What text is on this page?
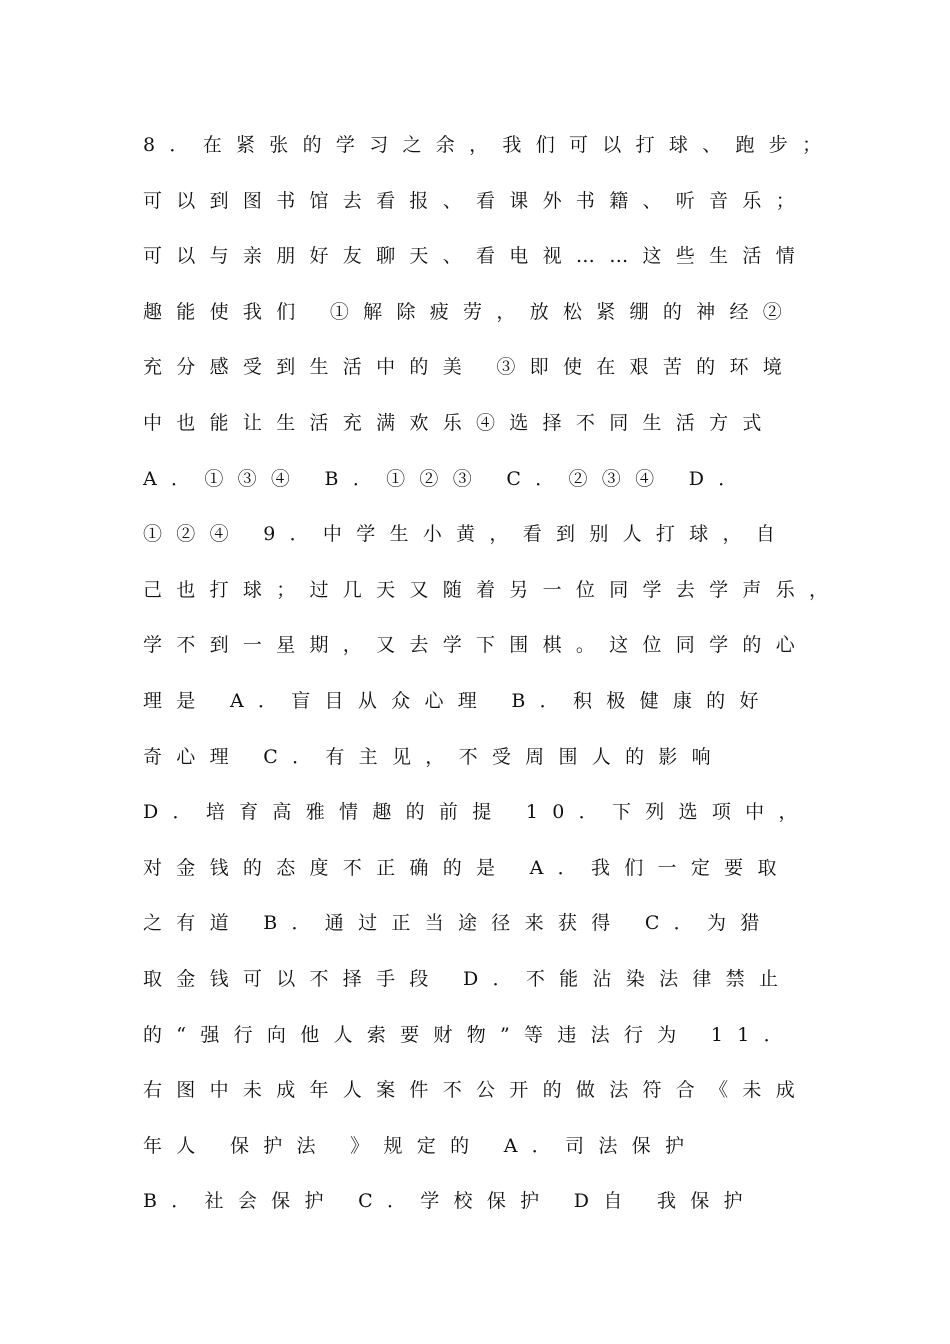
8．在紧张的学习之余，我们可以打球、跑步；
可以到图书馆去看报、看课外书籍、听音乐；
可以与亲朋好友聊天、看电视……这些生活情
趣能使我们 ①解除疲劳，放松紧绷的神经②
充分感受到生活中的美 ③即使在艰苦的环境
中也能让生活充满欢乐④选择不同生活方式
A．①③④ B．①②③ C．②③④ D．
①②④ 9．中学生小黄，看到别人打球，自
己也打球；过几天又随着另一位同学去学声乐，
学不到一星期，又去学下围棋。这位同学的心
理是 A．盲目从众心理 B．积极健康的好
奇心理 C．有主见，不受周围人的影响
D．培育高雅情趣的前提 10．下列选项中，
对金钱的态度不正确的是 A．我们一定要取
之有道 B．通过正当途径来获得 C．为猎
取金钱可以不择手段 D．不能沾染法律禁止
的“强行向他人索要财物”等违法行为 11．
右图中未成年人案件不公开的做法符合《未成
年人 保护法 》规定的 A．司法保护
B．社会保护 C．学校保护 D自 我保护
